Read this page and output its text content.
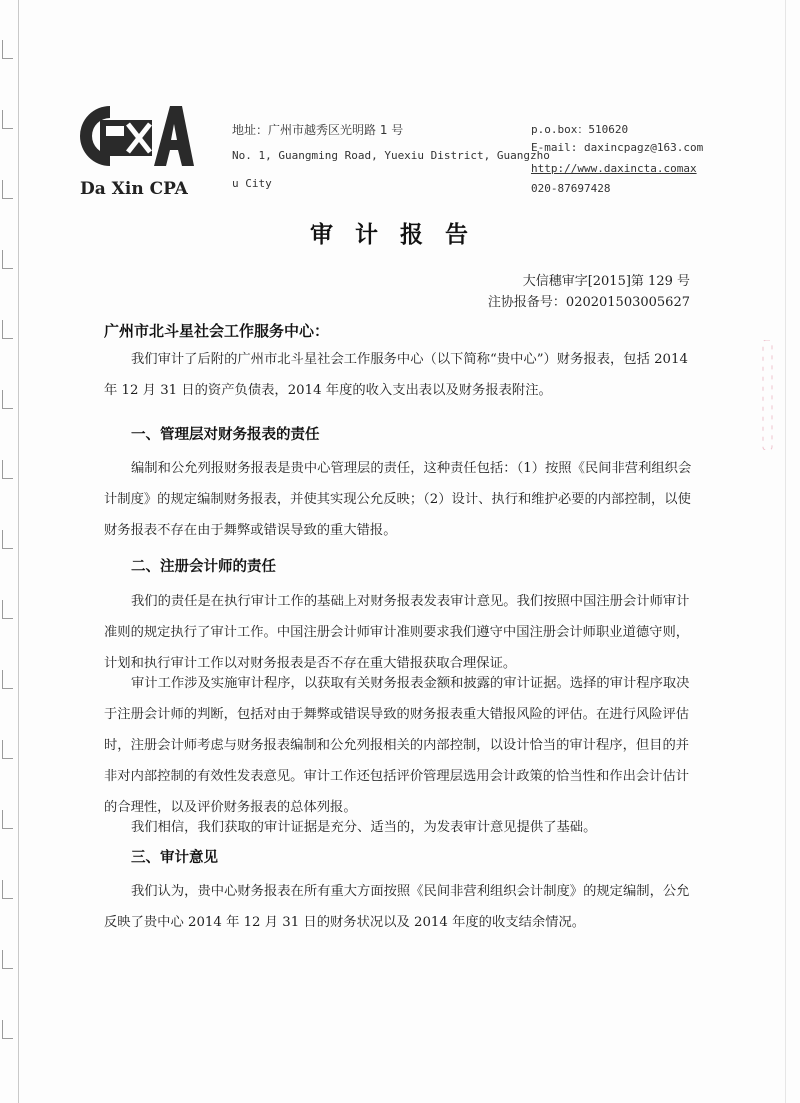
Da Xin CPA
地址：广州市越秀区光明路 1 号
No. 1, Guangming Road, Yuexiu District, Guangzho
u City
p.o.box：510620
E-mail: daxincpagz@163.com
http://www.daxincta.comax
020-87697428
审计报告
大信穗审字[2015]第 129 号
注协报备号：020201503005627
广州市北斗星社会工作服务中心：

我们审计了后附的广州市北斗星社会工作服务中心（以下简称“贵中心”）财务报表，包括 2014 年 12 月 31 日的资产负债表，2014 年度的收入支出表以及财务报表附注。

一、管理层对财务报表的责任

编制和公允列报财务报表是贵中心管理层的责任，这种责任包括：（1）按照《民间非营利组织会计制度》的规定编制财务报表，并使其实现公允反映；（2）设计、执行和维护必要的内部控制，以使财务报表不存在由于舞弊或错误导致的重大错报。

二、注册会计师的责任

我们的责任是在执行审计工作的基础上对财务报表发表审计意见。我们按照中国注册会计师审计准则的规定执行了审计工作。中国注册会计师审计准则要求我们遵守中国注册会计师职业道德守则，计划和执行审计工作以对财务报表是否不存在重大错报获取合理保证。

审计工作涉及实施审计程序，以获取有关财务报表金额和披露的审计证据。选择的审计程序取决于注册会计师的判断，包括对由于舞弊或错误导致的财务报表重大错报风险的评估。在进行风险评估时，注册会计师考虑与财务报表编制和公允列报相关的内部控制，以设计恰当的审计程序，但目的并非对内部控制的有效性发表意见。审计工作还包括评价管理层选用会计政策的恰当性和作出会计估计的合理性，以及评价财务报表的总体列报。

我们相信，我们获取的审计证据是充分、适当的，为发表审计意见提供了基础。

三、审计意见

我们认为，贵中心财务报表在所有重大方面按照《民间非营利组织会计制度》的规定编制，公允反映了贵中心 2014 年 12 月 31 日的财务状况以及 2014 年度的收支结余情况。
